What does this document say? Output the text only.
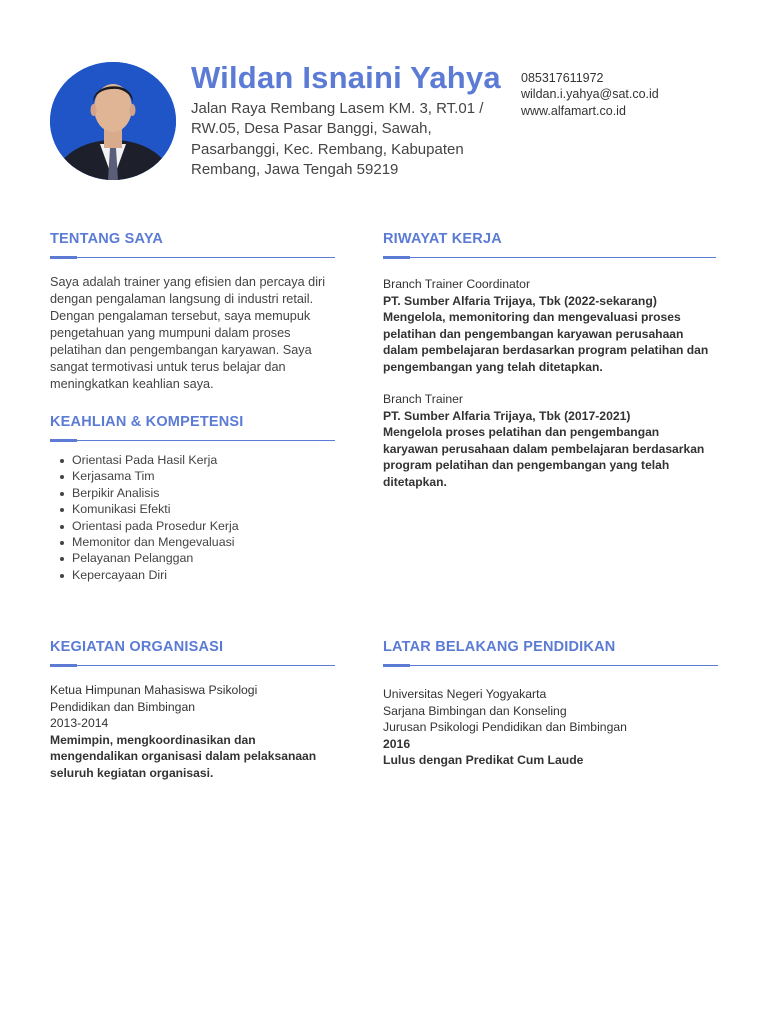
Wildan Isnaini Yahya
Jalan Raya Rembang Lasem KM. 3, RT.01 / RW.05, Desa Pasar Banggi, Sawah, Pasarbanggi, Kec. Rembang, Kabupaten Rembang, Jawa Tengah 59219
085317611972
wildan.i.yahya@sat.co.id
www.alfamart.co.id
TENTANG SAYA
Saya adalah trainer yang efisien dan percaya diri dengan pengalaman langsung di industri retail. Dengan pengalaman tersebut, saya memupuk pengetahuan yang mumpuni dalam proses pelatihan dan pengembangan karyawan. Saya sangat termotivasi untuk terus belajar dan meningkatkan keahlian saya.
KEAHLIAN & KOMPETENSI
Orientasi Pada Hasil Kerja
Kerjasama Tim
Berpikir Analisis
Komunikasi Efekti
Orientasi pada Prosedur Kerja
Memonitor dan Mengevaluasi
Pelayanan Pelanggan
Kepercayaan Diri
RIWAYAT KERJA
Branch Trainer Coordinator
PT. Sumber Alfaria Trijaya, Tbk (2022-sekarang)
Mengelola, memonitoring dan mengevaluasi proses pelatihan dan pengembangan karyawan perusahaan dalam pembelajaran berdasarkan program pelatihan dan pengembangan yang telah ditetapkan.
Branch Trainer
PT. Sumber Alfaria Trijaya, Tbk (2017-2021)
Mengelola proses pelatihan dan pengembangan karyawan perusahaan dalam pembelajaran berdasarkan program pelatihan dan pengembangan yang telah ditetapkan.
KEGIATAN ORGANISASI
Ketua Himpunan Mahasiswa Psikologi Pendidikan dan Bimbingan
2013-2014
Memimpin, mengkoordinasikan dan mengendalikan organisasi dalam pelaksanaan seluruh kegiatan organisasi.
LATAR BELAKANG PENDIDIKAN
Universitas Negeri Yogyakarta
Sarjana Bimbingan dan Konseling
Jurusan Psikologi Pendidikan dan Bimbingan
2016
Lulus dengan Predikat Cum Laude
